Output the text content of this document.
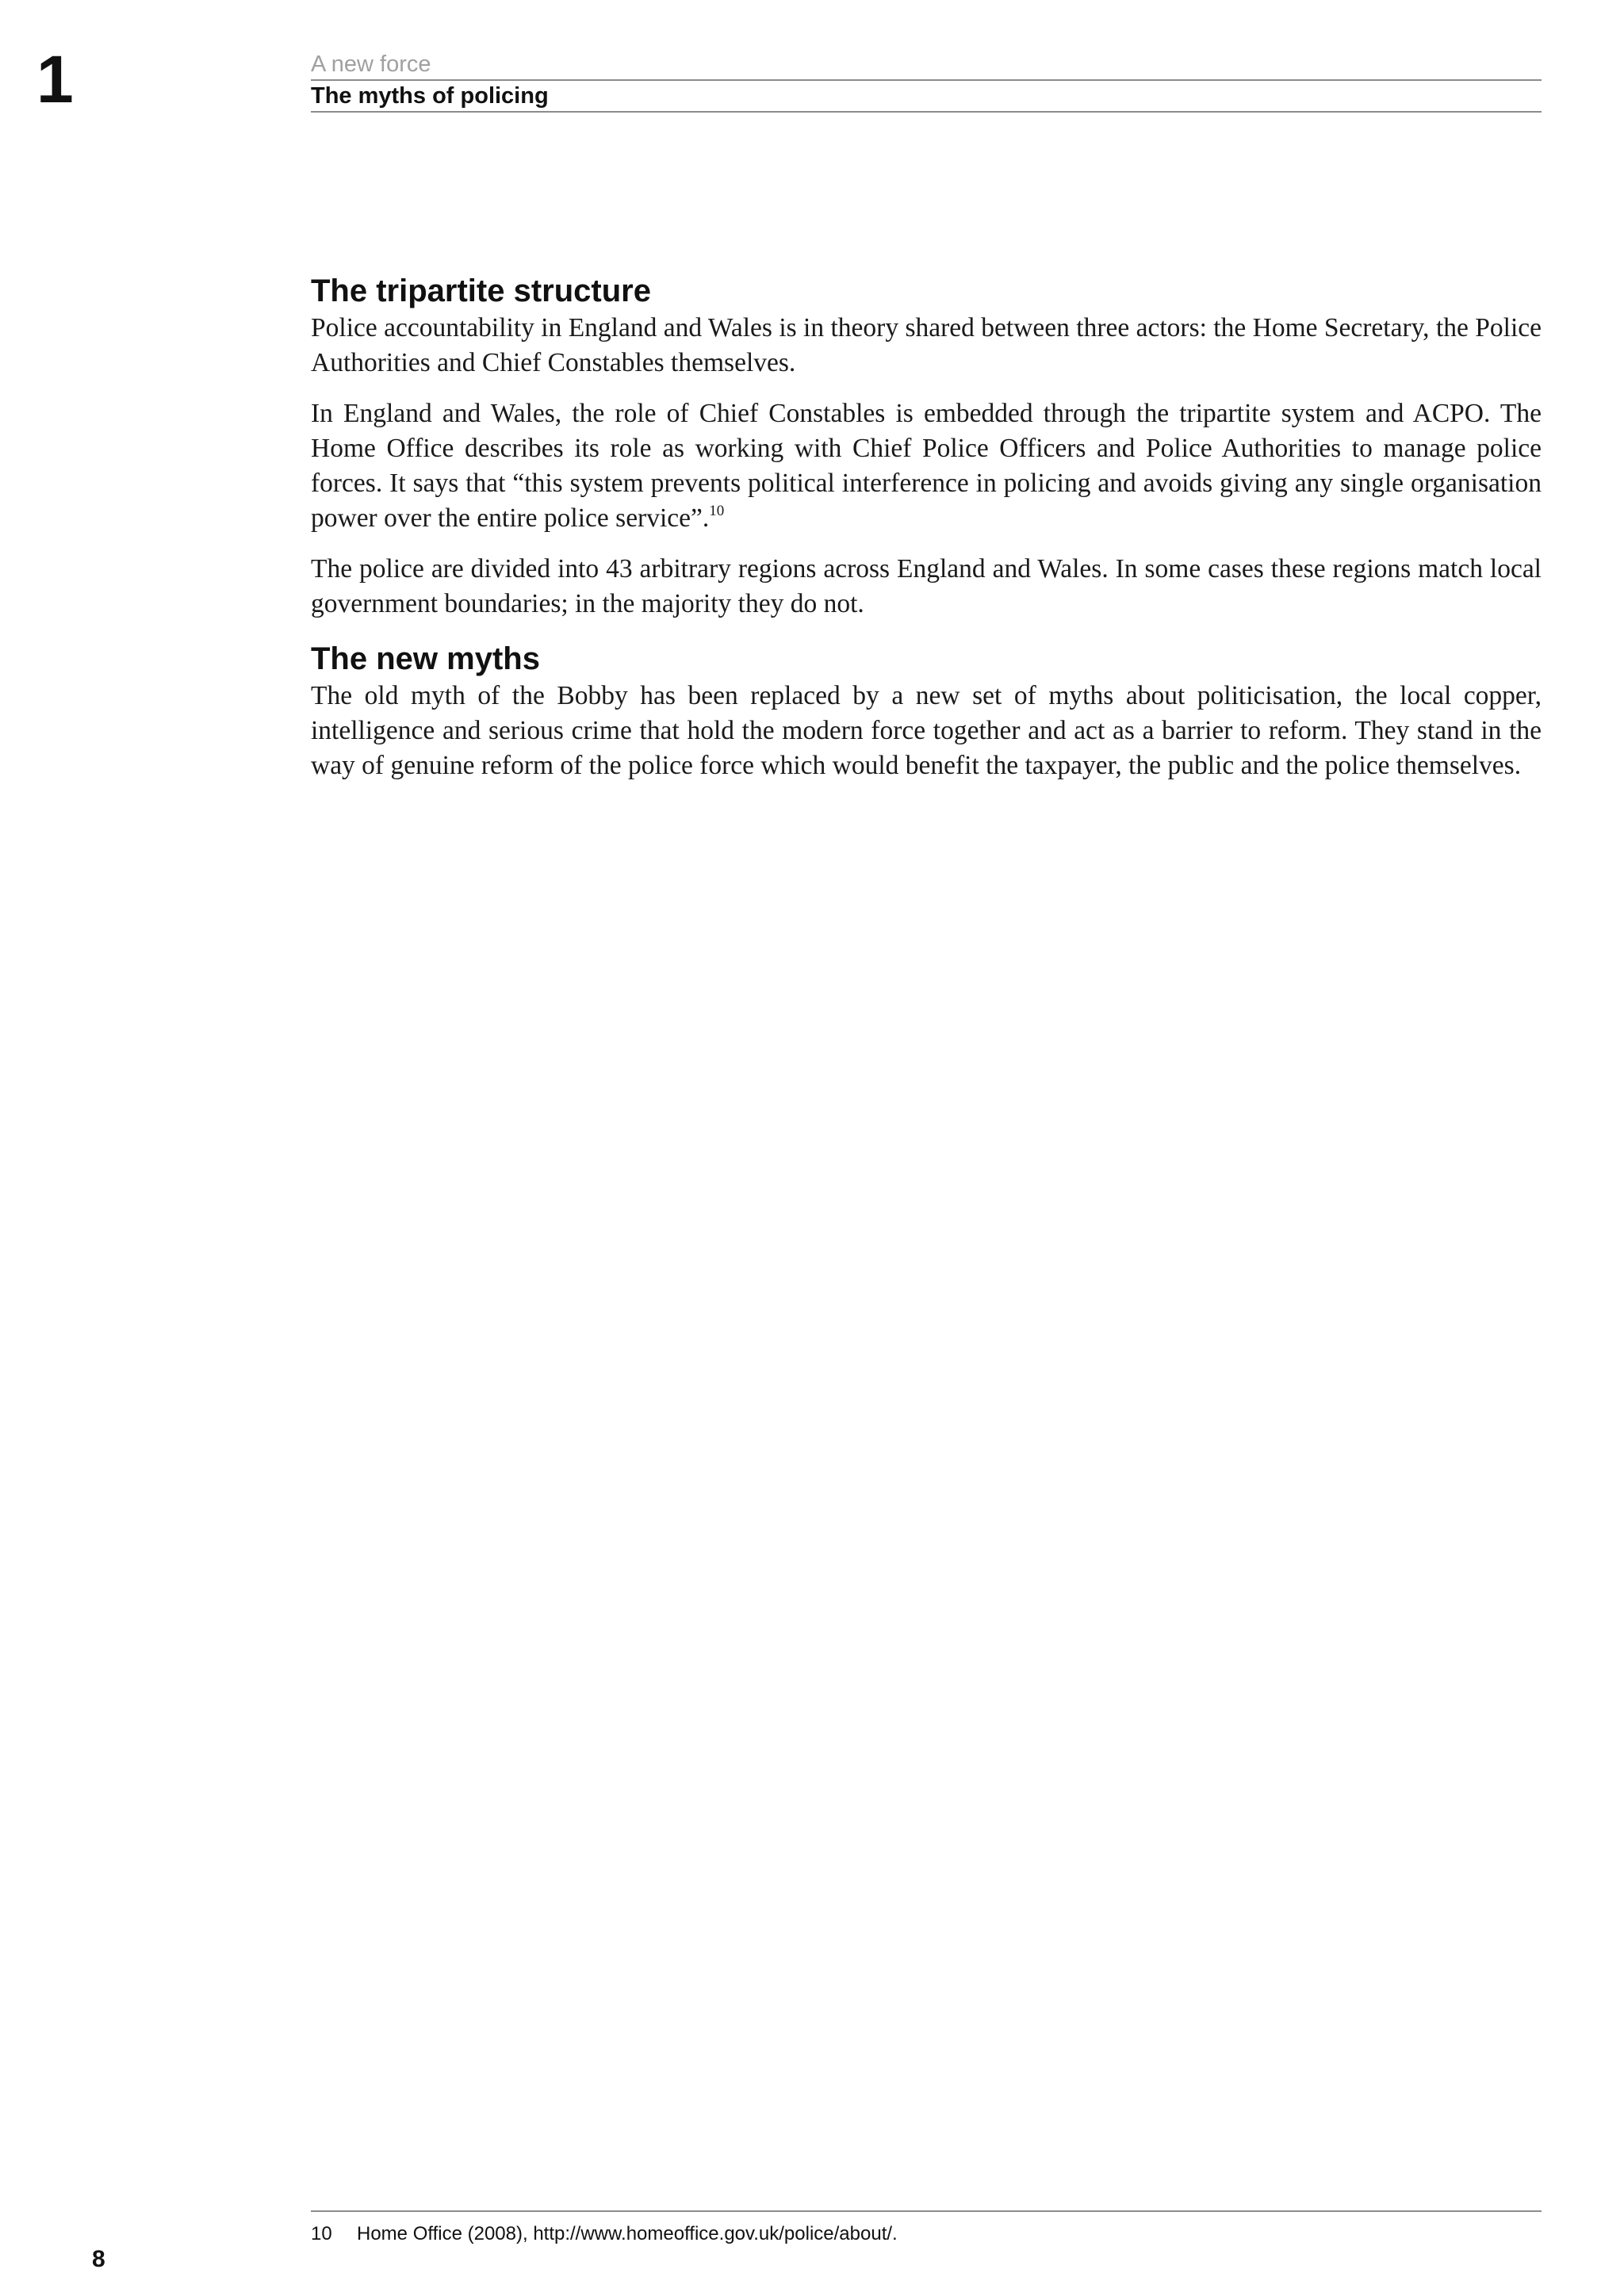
1	A new force
The myths of policing
The tripartite structure

Police accountability in England and Wales is in theory shared between three actors: the Home Secretary, the Police Authorities and Chief Constables themselves.

In England and Wales, the role of Chief Constables is embedded through the tripartite system and ACPO. The Home Office describes its role as working with Chief Police Officers and Police Authorities to manage police forces. It says that “this system prevents political interference in policing and avoids giving any single organisation power over the entire police service”.$^{10}$

The police are divided into 43 arbitrary regions across England and Wales. In some cases these regions match local government boundaries; in the majority they do not.

The new myths

The old myth of the Bobby has been replaced by a new set of myths about politicisation, the local copper, intelligence and serious crime that hold the modern force together and act as a barrier to reform. They stand in the way of genuine reform of the police force which would benefit the taxpayer, the public and the police themselves.

10 Home Office (2008), http://www.homeoffice.gov.uk/police/about/.
8
